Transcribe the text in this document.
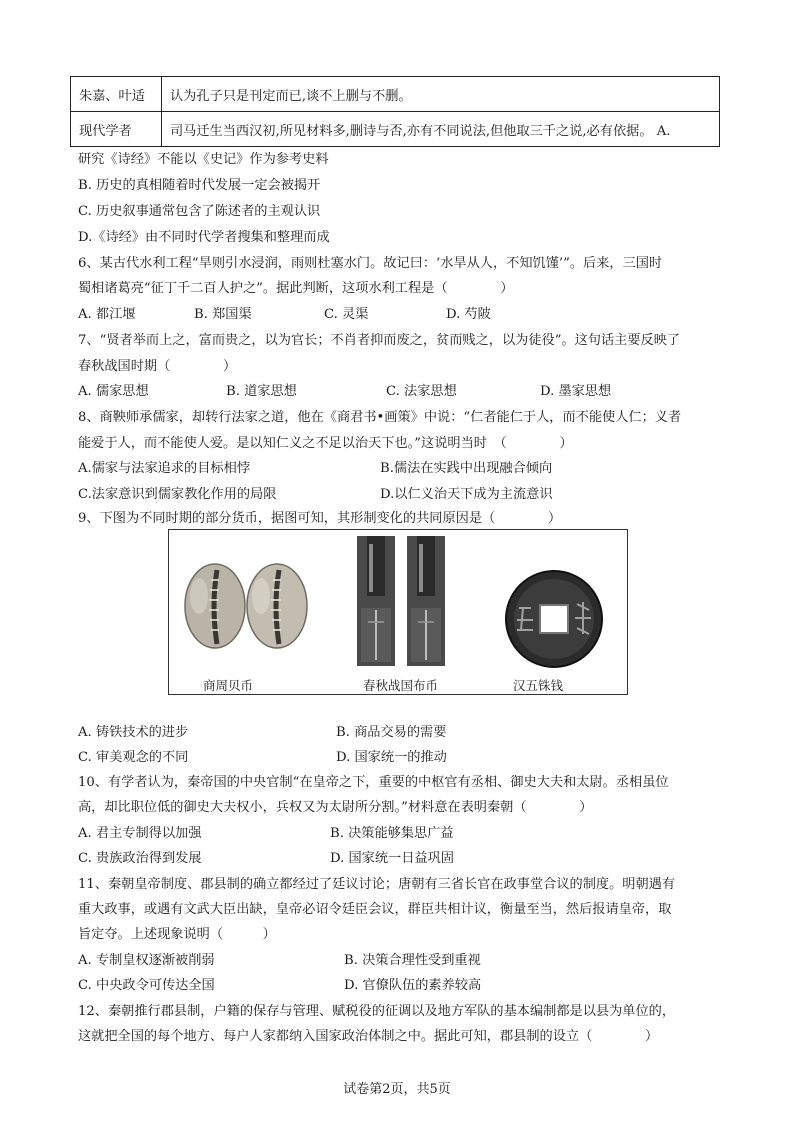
朱嘉、叶适	认为孔子只是刊定而已,谈不上删与不删。
现代学者	司马迁生当西汉初,所见材料多,删诗与否,亦有不同说法,但他取三千之说,必有依据。 A.
研究《诗经》不能以《史记》作为参考史料
B. 历史的真相随着时代发展一定会被揭开
C. 历史叙事通常包含了陈述者的主观认识
D.《诗经》由不同时代学者搜集和整理而成
6、某古代水利工程“旱则引水浸润，雨则杜塞水门。故记曰：‘水旱从人，不知饥馑’”。后来，三国时
蜀相诸葛亮“征丁千二百人护之”。据此判断，这项水利工程是（　　　　）
A. 都江堰	B. 郑国渠	C. 灵渠	D. 芍陂
7、“贤者举而上之，富而贵之，以为官长；不肖者抑而废之，贫而贱之，以为徒役”。这句话主要反映了
春秋战国时期（　　　　）
A. 儒家思想	B. 道家思想	C. 法家思想	D. 墨家思想
8、商鞅师承儒家，却转行法家之道，他在《商君书•画策》中说：“仁者能仁于人，而不能使人仁；义者
能爱于人，而不能使人爱。是以知仁义之不足以治天下也。”这说明当时　（　　　　）
A.儒家与法家追求的目标相悖	B.儒法在实践中出现融合倾向
C.法家意识到儒家教化作用的局限	D.以仁义治天下成为主流意识
9、下图为不同时期的部分货币，据图可知，其形制变化的共同原因是（　　　　）
商周贝币	春秋战国布币	汉五铢钱
A. 铸铁技术的进步	B. 商品交易的需要
C. 审美观念的不同	D. 国家统一的推动
10、有学者认为，秦帝国的中央官制“在皇帝之下，重要的中枢官有丞相、御史大夫和太尉。丞相虽位
高，却比职位低的御史大夫权小，兵权又为太尉所分割。”材料意在表明秦朝（　　　　）
A. 君主专制得以加强	B. 决策能够集思广益
C. 贵族政治得到发展	D. 国家统一日益巩固
11、秦朝皇帝制度、郡县制的确立都经过了廷议讨论；唐朝有三省长官在政事堂合议的制度。明朝遇有
重大政事，或遇有文武大臣出缺，皇帝必诏令廷臣会议，群臣共相计议，衡量至当，然后报请皇帝，取
旨定夺。上述现象说明（　　　）
A. 专制皇权逐渐被削弱	B. 决策合理性受到重视
C. 中央政令可传达全国	D. 官僚队伍的素养较高
12、秦朝推行郡县制，户籍的保存与管理、赋税役的征调以及地方军队的基本编制都是以县为单位的，
这就把全国的每个地方、每户人家都纳入国家政治体制之中。据此可知，郡县制的设立（　　　　）
试卷第2页，共5页
